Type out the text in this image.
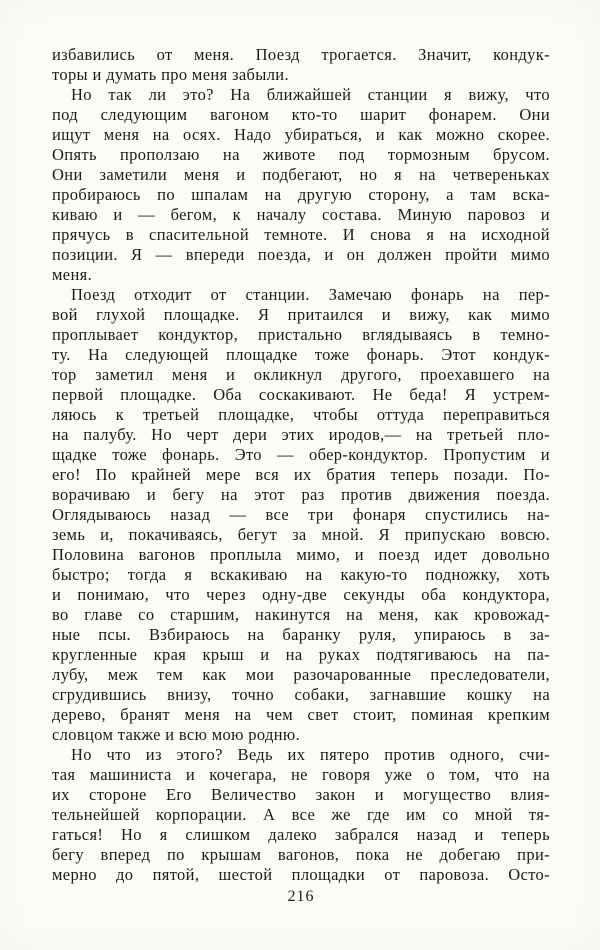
избавились от меня. Поезд трогается. Значит, кондук-
торы и думать про меня забыли.
Но так ли это? На ближайшей станции я вижу, что
под следующим вагоном кто-то шарит фонарем. Они
ищут меня на осях. Надо убираться, и как можно скорее.
Опять проползаю на животе под тормозным брусом.
Они заметили меня и подбегают, но я на четвереньках
пробираюсь по шпалам на другую сторону, а там вска-
киваю и — бегом, к началу состава. Миную паровоз и
прячусь в спасительной темноте. И снова я на исходной
позиции. Я — впереди поезда, и он должен пройти мимо
меня.
Поезд отходит от станции. Замечаю фонарь на пер-
вой глухой площадке. Я притаился и вижу, как мимо
проплывает кондуктор, пристально вглядываясь в темно-
ту. На следующей площадке тоже фонарь. Этот кондук-
тор заметил меня и окликнул другого, проехавшего на
первой площадке. Оба соскакивают. Не беда! Я устрем-
ляюсь к третьей площадке, чтобы оттуда переправиться
на палубу. Но черт дери этих иродов,— на третьей пло-
щадке тоже фонарь. Это — обер-кондуктор. Пропустим и
его! По крайней мере вся их братия теперь позади. По-
ворачиваю и бегу на этот раз против движения поезда.
Оглядываюсь назад — все три фонаря спустились на-
земь и, покачиваясь, бегут за мной. Я припускаю вовсю.
Половина вагонов проплыла мимо, и поезд идет довольно
быстро; тогда я вскакиваю на какую-то подножку, хоть
и понимаю, что через одну-две секунды оба кондуктора,
во главе со старшим, накинутся на меня, как кровожад-
ные псы. Взбираюсь на баранку руля, упираюсь в за-
кругленные края крыш и на руках подтягиваюсь на па-
лубу, меж тем как мои разочарованные преследователи,
сгрудившись внизу, точно собаки, загнавшие кошку на
дерево, бранят меня на чем свет стоит, поминая крепким
словцом также и всю мою родню.
Но что из этого? Ведь их пятеро против одного, счи-
тая машиниста и кочегара, не говоря уже о том, что на
их стороне Его Величество закон и могущество влия-
тельнейшей корпорации. А все же где им со мной тя-
гаться! Но я слишком далеко забрался назад и теперь
бегу вперед по крышам вагонов, пока не добегаю при-
мерно до пятой, шестой площадки от паровоза. Осто-
216
